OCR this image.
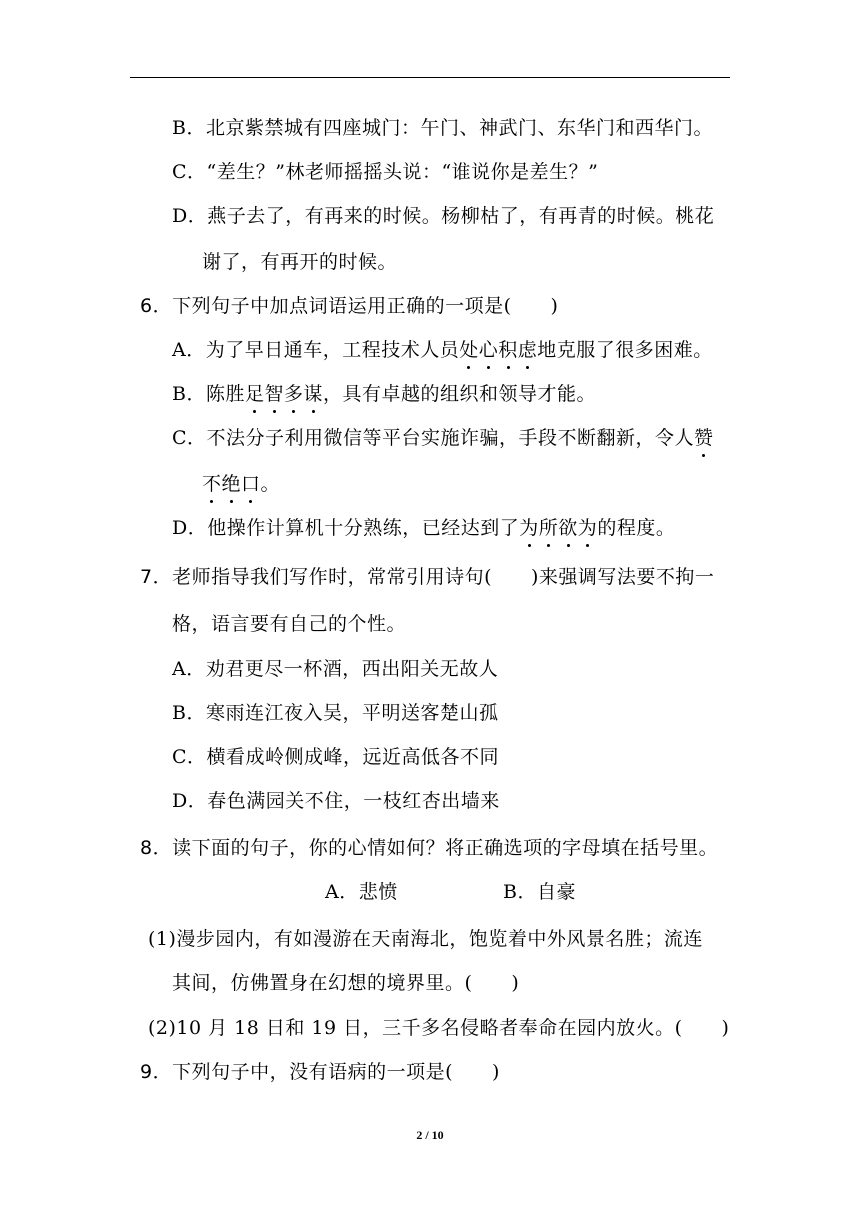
B．北京紫禁城有四座城门：午门、神武门、东华门和西华门。
C．“差生？”林老师摇摇头说：“谁说你是差生？”
D．燕子去了，有再来的时候。杨柳枯了，有再青的时候。桃花
谢了，有再开的时候。
6．下列句子中加点词语运用正确的一项是(　　)
A．为了早日通车，工程技术人员处心积虑地克服了很多困难。
B．陈胜足智多谋，具有卓越的组织和领导才能。
C．不法分子利用微信等平台实施诈骗，手段不断翻新，令人赞
不绝口。
D．他操作计算机十分熟练，已经达到了为所欲为的程度。
7．老师指导我们写作时，常常引用诗句(　　)来强调写法要不拘一
格，语言要有自己的个性。
A．劝君更尽一杯酒，西出阳关无故人
B．寒雨连江夜入吴，平明送客楚山孤
C．横看成岭侧成峰，远近高低各不同
D．春色满园关不住，一枝红杏出墙来
8．读下面的句子，你的心情如何？将正确选项的字母填在括号里。
A．悲愤	B．自豪
(1)漫步园内，有如漫游在天南海北，饱览着中外风景名胜；流连
其间，仿佛置身在幻想的境界里。(　　)
(2)10 月 18 日和 19 日，三千多名侵略者奉命在园内放火。(　　)
9．下列句子中，没有语病的一项是(　　)
2 / 10
